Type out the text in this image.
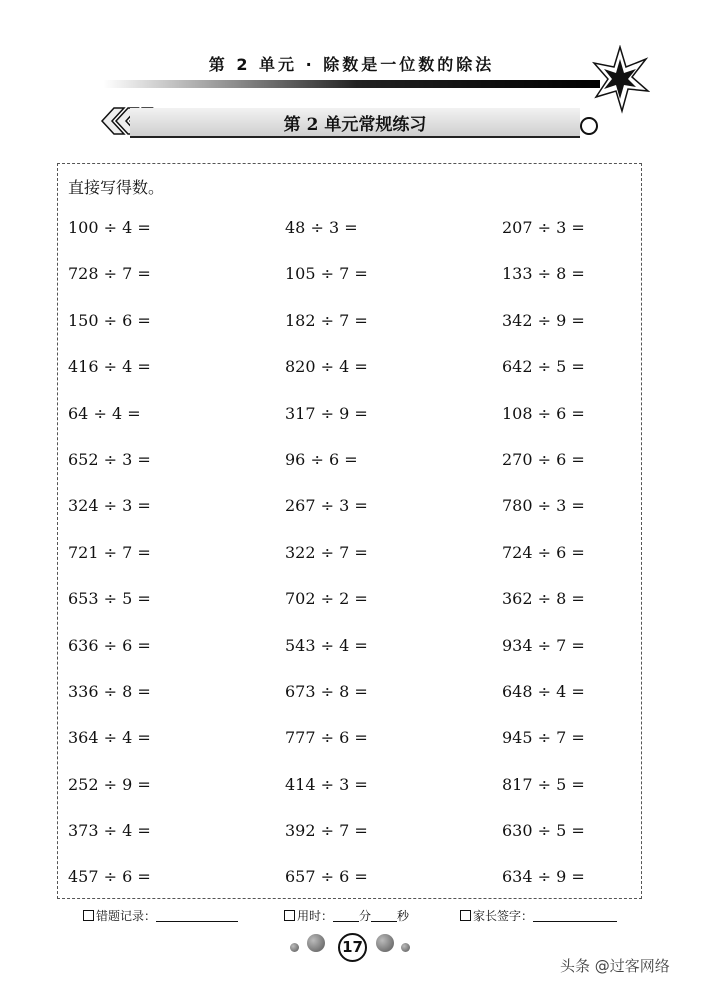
第 2 单元 · 除数是一位数的除法
第 2 单元常规练习
直接写得数。
100 ÷ 4 =	48 ÷ 3 =	207 ÷ 3 =
728 ÷ 7 =	105 ÷ 7 =	133 ÷ 8 =
150 ÷ 6 =	182 ÷ 7 =	342 ÷ 9 =
416 ÷ 4 =	820 ÷ 4 =	642 ÷ 5 =
64 ÷ 4 =	317 ÷ 9 =	108 ÷ 6 =
652 ÷ 3 =	96 ÷ 6 =	270 ÷ 6 =
324 ÷ 3 =	267 ÷ 3 =	780 ÷ 3 =
721 ÷ 7 =	322 ÷ 7 =	724 ÷ 6 =
653 ÷ 5 =	702 ÷ 2 =	362 ÷ 8 =
636 ÷ 6 =	543 ÷ 4 =	934 ÷ 7 =
336 ÷ 8 =	673 ÷ 8 =	648 ÷ 4 =
364 ÷ 4 =	777 ÷ 6 =	945 ÷ 7 =
252 ÷ 9 =	414 ÷ 3 =	817 ÷ 5 =
373 ÷ 4 =	392 ÷ 7 =	630 ÷ 5 =
457 ÷ 6 =	657 ÷ 6 =	634 ÷ 9 =
错题记录：	用时： 分 秒	家长签字：
17
头条 @过客网络
